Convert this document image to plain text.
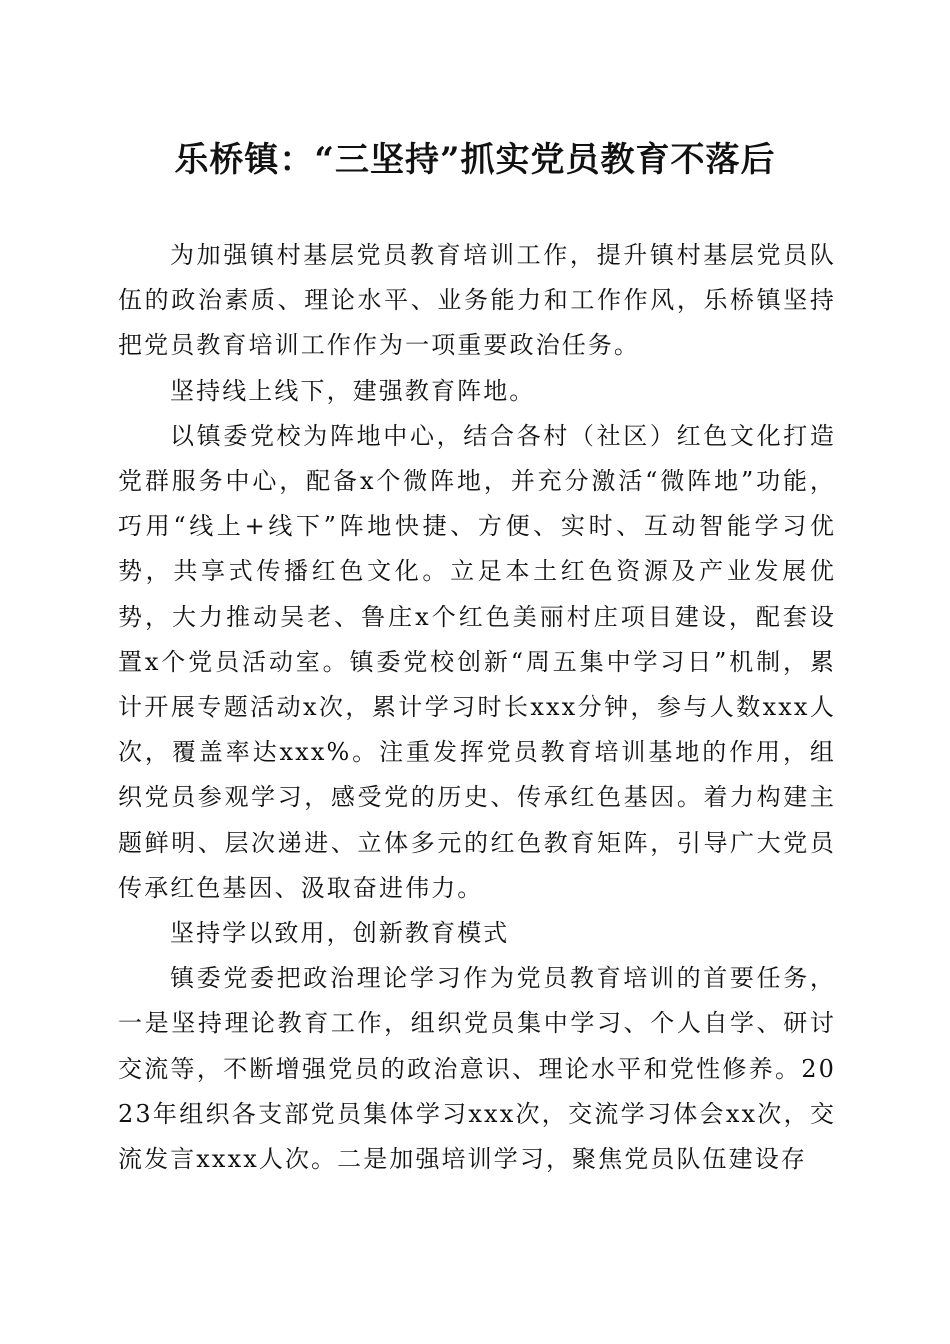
乐桥镇：“三坚持”抓实党员教育不落后

为加强镇村基层党员教育培训工作，提升镇村基层党员队伍的政治素质、理论水平、业务能力和工作作风，乐桥镇坚持把党员教育培训工作作为一项重要政治任务。

坚持线上线下，建强教育阵地。

以镇委党校为阵地中心，结合各村（社区）红色文化打造党群服务中心，配备x个微阵地，并充分激活“微阵地”功能，巧用“线上+线下”阵地快捷、方便、实时、互动智能学习优势，共享式传播红色文化。立足本土红色资源及产业发展优势，大力推动吴老、鲁庄x个红色美丽村庄项目建设，配套设置x个党员活动室。镇委党校创新“周五集中学习日”机制，累计开展专题活动x次，累计学习时长xxx分钟，参与人数xxx人次，覆盖率达xxx%。注重发挥党员教育培训基地的作用，组织党员参观学习，感受党的历史、传承红色基因。着力构建主题鲜明、层次递进、立体多元的红色教育矩阵，引导广大党员传承红色基因、汲取奋进伟力。

坚持学以致用，创新教育模式

镇委党委把政治理论学习作为党员教育培训的首要任务，一是坚持理论教育工作，组织党员集中学习、个人自学、研讨交流等，不断增强党员的政治意识、理论水平和党性修养。2023年组织各支部党员集体学习xxx次，交流学习体会xx次，交流发言xxxx人次。二是加强培训学习，聚焦党员队伍建设存
